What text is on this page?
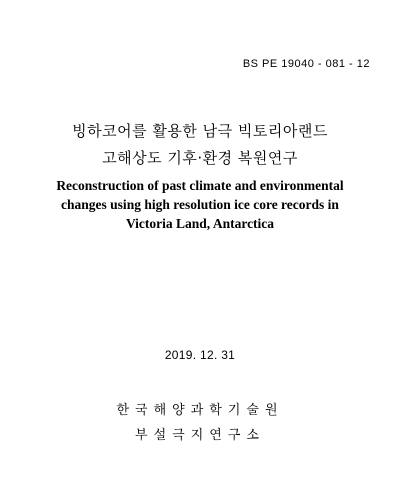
BS PE 19040 - 081 - 12
빙하코어를 활용한 남극 빅토리아랜드
고해상도 기후·환경 복원연구
Reconstruction of past climate and environmental
changes using high resolution ice core records in
Victoria Land, Antarctica
2019. 12. 31
한국해양과학기술원
부설극지연구소
